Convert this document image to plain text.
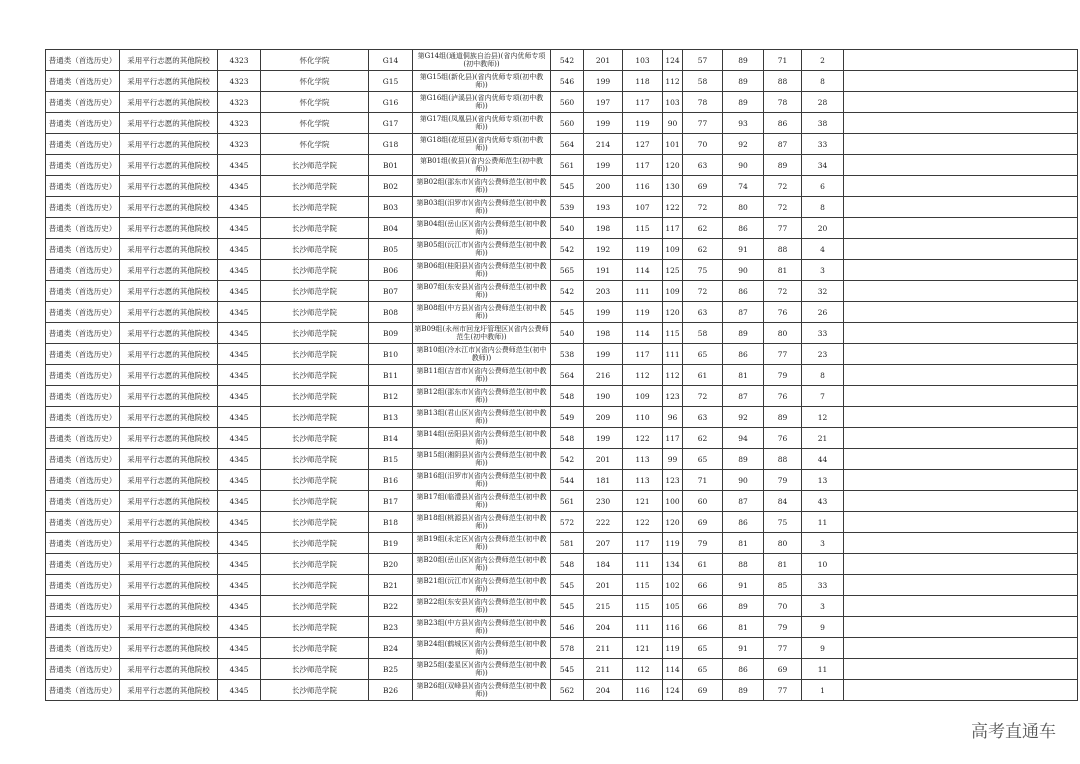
普通类（首选历史）	采用平行志愿的其他院校	4323	怀化学院	G14	第G14组(通道侗族自治县)(省内优师专项(初中教师))	542	201	103	124	57	89	71	2	
普通类（首选历史）	采用平行志愿的其他院校	4323	怀化学院	G15	第G15组(新化县)(省内优师专项(初中教师))	546	199	118	112	58	89	88	8	
普通类（首选历史）	采用平行志愿的其他院校	4323	怀化学院	G16	第G16组(泸溪县)(省内优师专项(初中教师))	560	197	117	103	78	89	78	28	
普通类（首选历史）	采用平行志愿的其他院校	4323	怀化学院	G17	第G17组(凤凰县)(省内优师专项(初中教师))	560	199	119	90	77	93	86	38	
普通类（首选历史）	采用平行志愿的其他院校	4323	怀化学院	G18	第G18组(花垣县)(省内优师专项(初中教师))	564	214	127	101	70	92	87	33	
普通类（首选历史）	采用平行志愿的其他院校	4345	长沙师范学院	B01	第B01组(攸县)(省内公费师范生(初中教师))	561	199	117	120	63	90	89	34	
普通类（首选历史）	采用平行志愿的其他院校	4345	长沙师范学院	B02	第B02组(邵东市)(省内公费师范生(初中教师))	545	200	116	130	69	74	72	6	
普通类（首选历史）	采用平行志愿的其他院校	4345	长沙师范学院	B03	第B03组(汨罗市)(省内公费师范生(初中教师))	539	193	107	122	72	80	72	8	
普通类（首选历史）	采用平行志愿的其他院校	4345	长沙师范学院	B04	第B04组(岳山区)(省内公费师范生(初中教师))	540	198	115	117	62	86	77	20	
普通类（首选历史）	采用平行志愿的其他院校	4345	长沙师范学院	B05	第B05组(沅江市)(省内公费师范生(初中教师))	542	192	119	109	62	91	88	4	
普通类（首选历史）	采用平行志愿的其他院校	4345	长沙师范学院	B06	第B06组(桂阳县)(省内公费师范生(初中教师))	565	191	114	125	75	90	81	3	
普通类（首选历史）	采用平行志愿的其他院校	4345	长沙师范学院	B07	第B07组(东安县)(省内公费师范生(初中教师))	542	203	111	109	72	86	72	32	
普通类（首选历史）	采用平行志愿的其他院校	4345	长沙师范学院	B08	第B08组(中方县)(省内公费师范生(初中教师))	545	199	119	120	63	87	76	26	
普通类（首选历史）	采用平行志愿的其他院校	4345	长沙师范学院	B09	第B09组(永州市回龙圩管理区)(省内公费师范生(初中教师))	540	198	114	115	58	89	80	33	
普通类（首选历史）	采用平行志愿的其他院校	4345	长沙师范学院	B10	第B10组(冷水江市)(省内公费师范生(初中教师))	538	199	117	111	65	86	77	23	
普通类（首选历史）	采用平行志愿的其他院校	4345	长沙师范学院	B11	第B11组(吉首市)(省内公费师范生(初中教师))	564	216	112	112	61	81	79	8	
普通类（首选历史）	采用平行志愿的其他院校	4345	长沙师范学院	B12	第B12组(邵东市)(省内公费师范生(初中教师))	548	190	109	123	72	87	76	7	
普通类（首选历史）	采用平行志愿的其他院校	4345	长沙师范学院	B13	第B13组(君山区)(省内公费师范生(初中教师))	549	209	110	96	63	92	89	12	
普通类（首选历史）	采用平行志愿的其他院校	4345	长沙师范学院	B14	第B14组(岳阳县)(省内公费师范生(初中教师))	548	199	122	117	62	94	76	21	
普通类（首选历史）	采用平行志愿的其他院校	4345	长沙师范学院	B15	第B15组(湘阴县)(省内公费师范生(初中教师))	542	201	113	99	65	89	88	44	
普通类（首选历史）	采用平行志愿的其他院校	4345	长沙师范学院	B16	第B16组(汨罗市)(省内公费师范生(初中教师))	544	181	113	123	71	90	79	13	
普通类（首选历史）	采用平行志愿的其他院校	4345	长沙师范学院	B17	第B17组(临澧县)(省内公费师范生(初中教师))	561	230	121	100	60	87	84	43	
普通类（首选历史）	采用平行志愿的其他院校	4345	长沙师范学院	B18	第B18组(桃源县)(省内公费师范生(初中教师))	572	222	122	120	69	86	75	11	
普通类（首选历史）	采用平行志愿的其他院校	4345	长沙师范学院	B19	第B19组(永定区)(省内公费师范生(初中教师))	581	207	117	119	79	81	80	3	
普通类（首选历史）	采用平行志愿的其他院校	4345	长沙师范学院	B20	第B20组(岳山区)(省内公费师范生(初中教师))	548	184	111	134	61	88	81	10	
普通类（首选历史）	采用平行志愿的其他院校	4345	长沙师范学院	B21	第B21组(沅江市)(省内公费师范生(初中教师))	545	201	115	102	66	91	85	33	
普通类（首选历史）	采用平行志愿的其他院校	4345	长沙师范学院	B22	第B22组(东安县)(省内公费师范生(初中教师))	545	215	115	105	66	89	70	3	
普通类（首选历史）	采用平行志愿的其他院校	4345	长沙师范学院	B23	第B23组(中方县)(省内公费师范生(初中教师))	546	204	111	116	66	81	79	9	
普通类（首选历史）	采用平行志愿的其他院校	4345	长沙师范学院	B24	第B24组(鹤城区)(省内公费师范生(初中教师))	578	211	121	119	65	91	77	9	
普通类（首选历史）	采用平行志愿的其他院校	4345	长沙师范学院	B25	第B25组(娄星区)(省内公费师范生(初中教师))	545	211	112	114	65	86	69	11	
普通类（首选历史）	采用平行志愿的其他院校	4345	长沙师范学院	B26	第B26组(双峰县)(省内公费师范生(初中教师))	562	204	116	124	69	89	77	1	
高考直通车
